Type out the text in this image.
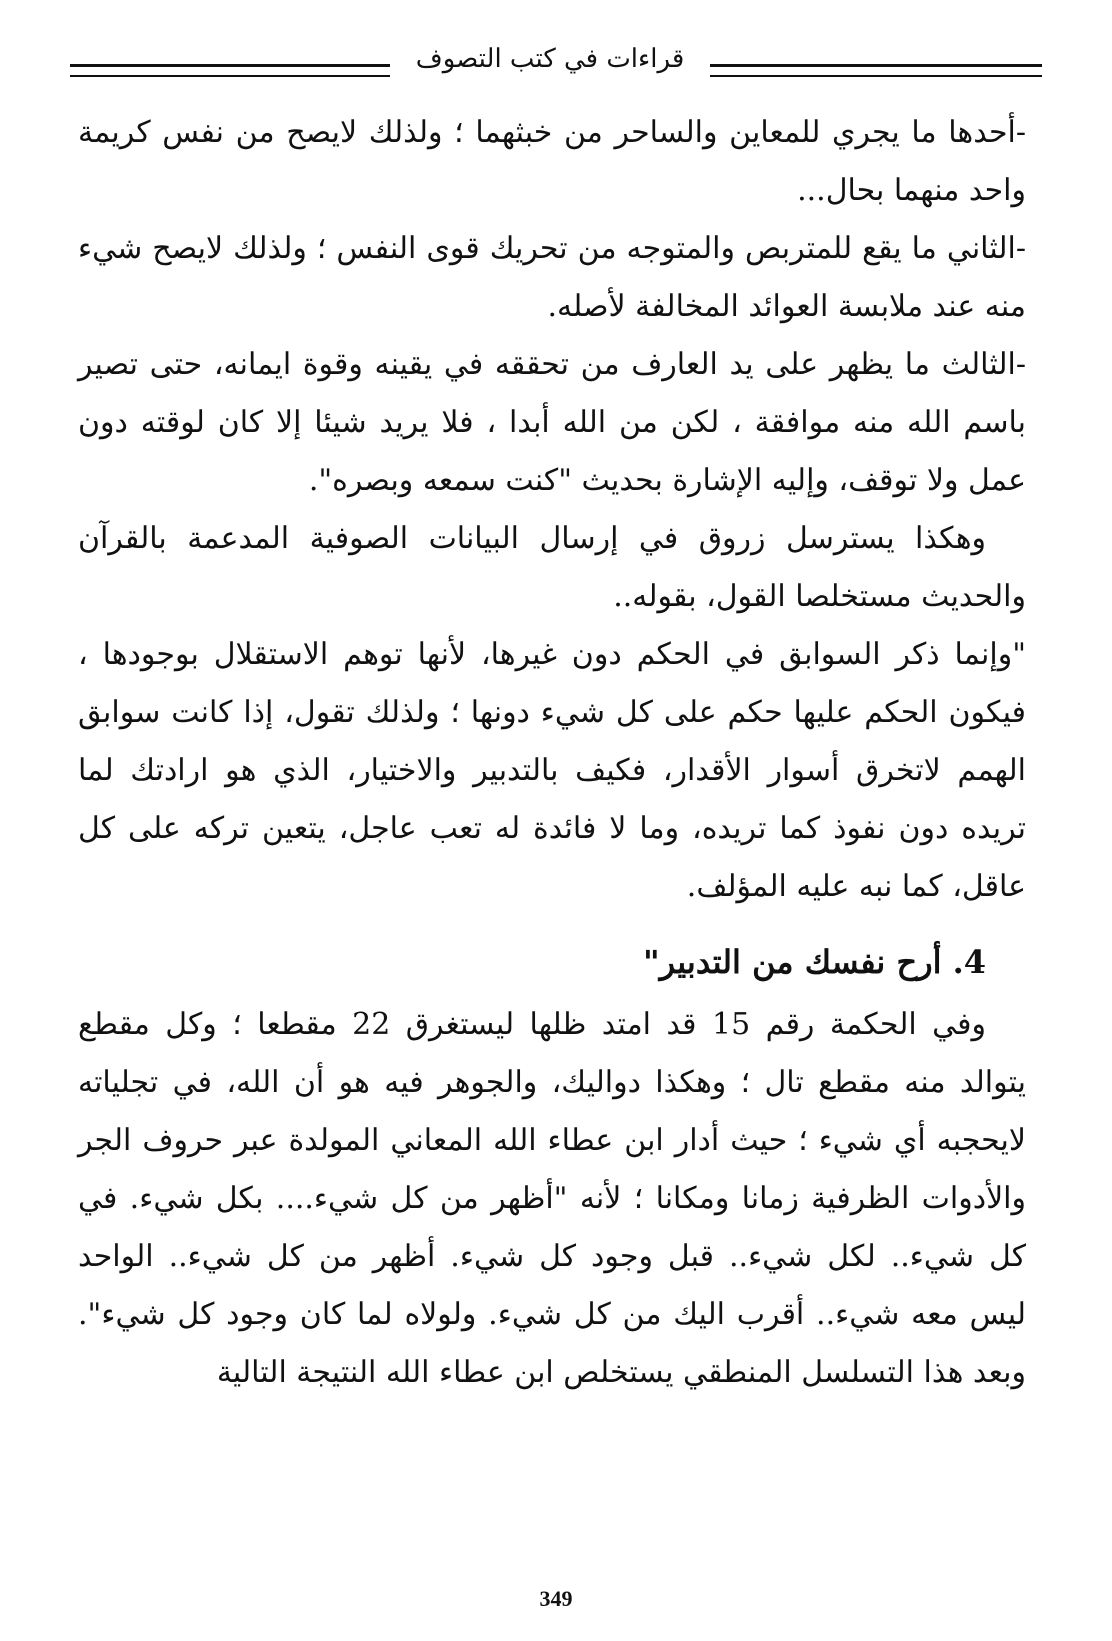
قراءات في كتب التصوف

-أحدها ما يجري للمعاين والساحر من خبثهما ؛ ولذلك لايصح من نفس كريمة واحد منهما بحال...

-الثاني ما يقع للمتربص والمتوجه من تحريك قوى النفس ؛ ولذلك لايصح شيء منه عند ملابسة العوائد المخالفة لأصله.

-الثالث ما يظهر على يد العارف من تحققه في يقينه وقوة ايمانه، حتى تصير باسم الله منه موافقة ، لكن من الله أبدا ، فلا يريد شيئا إلا كان لوقته دون عمل ولا توقف، وإليه الإشارة بحديث "كنت سمعه وبصره".

وهكذا يسترسل زروق في إرسال البيانات الصوفية المدعمة بالقرآن والحديث مستخلصا القول، بقوله..

"وإنما ذكر السوابق في الحكم دون غيرها، لأنها توهم الاستقلال بوجودها ، فيكون الحكم عليها حكم على كل شيء دونها ؛ ولذلك تقول، إذا كانت سوابق الهمم لاتخرق أسوار الأقدار، فكيف بالتدبير والاختيار، الذي هو ارادتك لما تريده دون نفوذ كما تريده، وما لا فائدة له تعب عاجل، يتعين تركه على كل عاقل، كما نبه عليه المؤلف.

4. أرح نفسك من التدبير"

وفي الحكمة رقم 15 قد امتد ظلها ليستغرق 22 مقطعا ؛ وكل مقطع يتوالد منه مقطع تال ؛ وهكذا دواليك، والجوهر فيه هو أن الله، في تجلياته لايحجبه أي شيء ؛ حيث أدار ابن عطاء الله المعاني المولدة عبر حروف الجر والأدوات الظرفية زمانا ومكانا ؛ لأنه "أظهر من كل شيء.... بكل شيء. في كل شيء.. لكل شيء.. قبل وجود كل شيء. أظهر من كل شيء.. الواحد ليس معه شيء.. أقرب اليك من كل شيء. ولولاه لما كان وجود كل شيء". وبعد هذا التسلسل المنطقي يستخلص ابن عطاء الله النتيجة التالية

349
